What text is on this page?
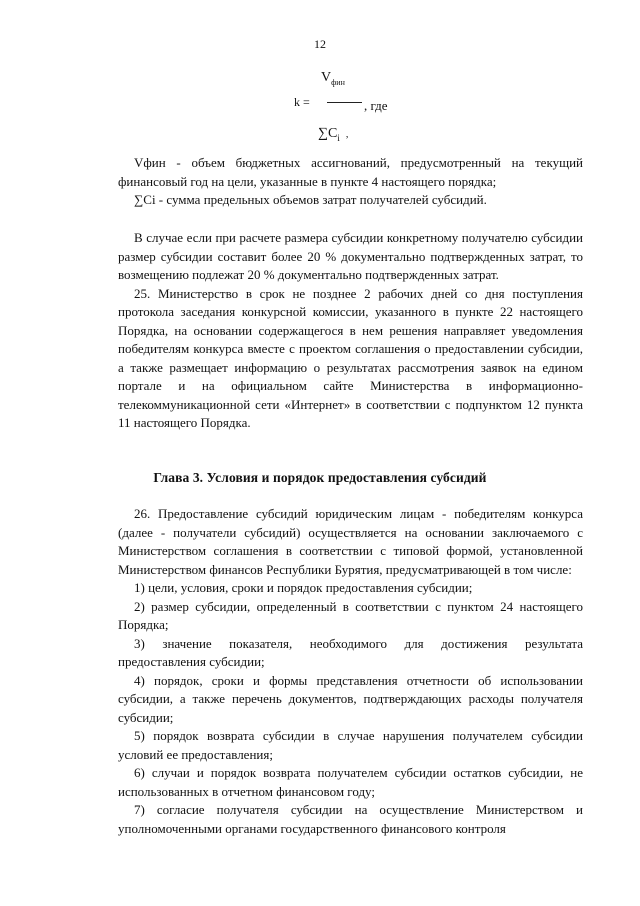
12
$V_{фин}$
k =	, где
$\sum C_i$ ,

Vфин - объем бюджетных ассигнований, предусмотренный на текущий финансовый год на цели, указанные в пункте 4 настоящего порядка;

∑Ci - сумма предельных объемов затрат получателей субсидий.

В случае если при расчете размера субсидии конкретному получателю субсидии размер субсидии составит более 20 % документально подтвержденных затрат, то возмещению подлежат 20 % документально подтвержденных затрат.

25. Министерство в срок не позднее 2 рабочих дней со дня поступления протокола заседания конкурсной комиссии, указанного в пункте 22 настоящего Порядка, на основании содержащегося в нем решения направляет уведомления победителям конкурса вместе с проектом соглашения о предоставлении субсидии, а также размещает информацию о результатах рассмотрения заявок на едином портале и на официальном сайте Министерства в информационно-телекоммуникационной сети «Интернет» в соответствии с подпунктом 12 пункта 11 настоящего Порядка.

Глава 3. Условия и порядок предоставления субсидий

26. Предоставление субсидий юридическим лицам - победителям конкурса (далее - получатели субсидий) осуществляется на основании заключаемого с Министерством соглашения в соответствии с типовой формой, установленной Министерством финансов Республики Бурятия, предусматривающей в том числе:

1) цели, условия, сроки и порядок предоставления субсидии;

2) размер субсидии, определенный в соответствии с пунктом 24 настоящего Порядка;

3) значение показателя, необходимого для достижения результата предоставления субсидии;

4) порядок, сроки и формы представления отчетности об использовании субсидии, а также перечень документов, подтверждающих расходы получателя субсидии;

5) порядок возврата субсидии в случае нарушения получателем субсидии условий ее предоставления;

6) случаи и порядок возврата получателем субсидии остатков субсидии, не использованных в отчетном финансовом году;

7) согласие получателя субсидии на осуществление Министерством и уполномоченными органами государственного финансового контроля
